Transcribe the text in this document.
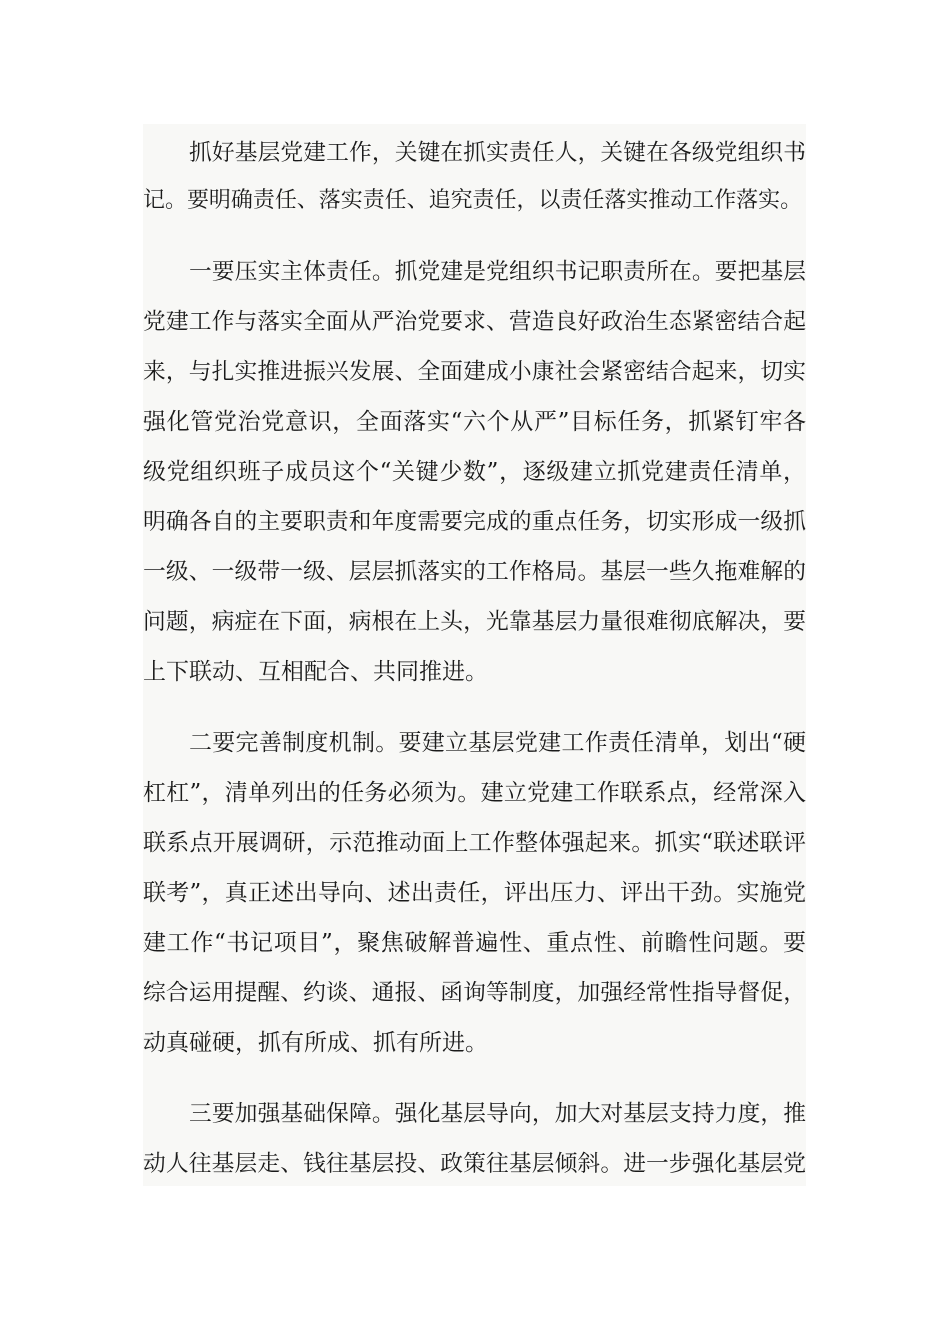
抓好基层党建工作，关键在抓实责任人，关键在各级党组织书
记。要明确责任、落实责任、追究责任，以责任落实推动工作落实。
一要压实主体责任。抓党建是党组织书记职责所在。要把基层
党建工作与落实全面从严治党要求、营造良好政治生态紧密结合起
来，与扎实推进振兴发展、全面建成小康社会紧密结合起来，切实
强化管党治党意识，全面落实“六个从严”目标任务，抓紧钉牢各
级党组织班子成员这个“关键少数”，逐级建立抓党建责任清单，
明确各自的主要职责和年度需要完成的重点任务，切实形成一级抓
一级、一级带一级、层层抓落实的工作格局。基层一些久拖难解的
问题，病症在下面，病根在上头，光靠基层力量很难彻底解决，要
上下联动、互相配合、共同推进。
二要完善制度机制。要建立基层党建工作责任清单，划出“硬
杠杠”，清单列出的任务必须为。建立党建工作联系点，经常深入
联系点开展调研，示范推动面上工作整体强起来。抓实“联述联评
联考”，真正述出导向、述出责任，评出压力、评出干劲。实施党
建工作“书记项目”，聚焦破解普遍性、重点性、前瞻性问题。要
综合运用提醒、约谈、通报、函询等制度，加强经常性指导督促，
动真碰硬，抓有所成、抓有所进。
三要加强基础保障。强化基层导向，加大对基层支持力度，推
动人往基层走、钱往基层投、政策往基层倾斜。进一步强化基层党
